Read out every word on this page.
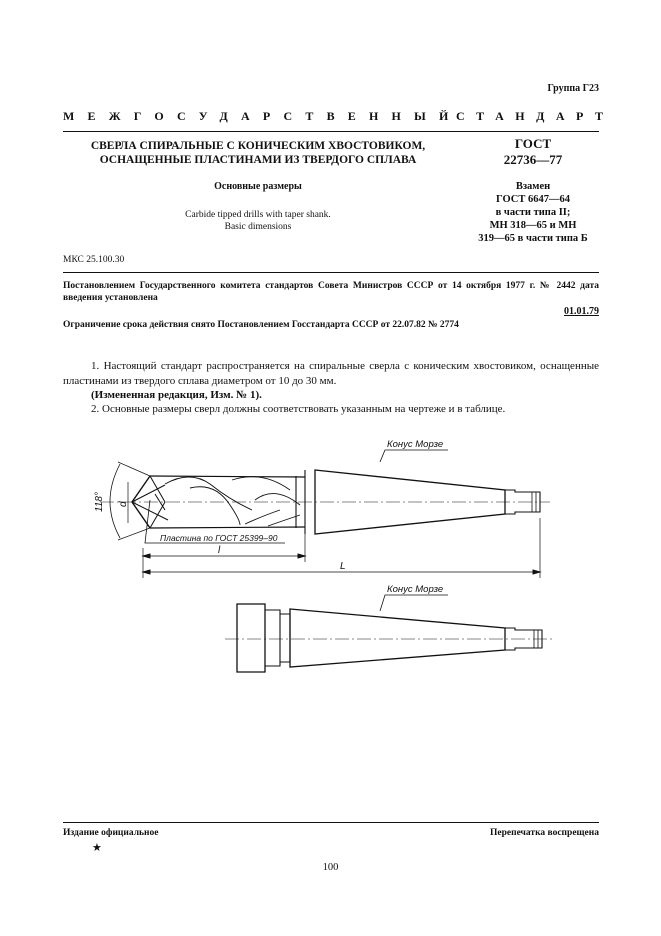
Группа Г23
МЕЖГОСУДАРСТВЕННЫЙ
СТАНДАРТ
СВЕРЛА СПИРАЛЬНЫЕ С КОНИЧЕСКИМ ХВОСТОВИКОМ,
ОСНАЩЕННЫЕ ПЛАСТИНАМИ ИЗ ТВЕРДОГО СПЛАВА
ГОСТ
22736—77
Основные размеры
Carbide tipped drills with taper shank.
Basic dimensions
Взамен
ГОСТ 6647—64
в части типа II;
МН 318—65 и МН
319—65 в части типа Б
МКС 25.100.30
Постановлением Государственного комитета стандартов Совета Министров СССР от 14 октября 1977 г. № 2442 дата введения установлена
01.01.79
Ограничение срока действия снято Постановлением Госстандарта СССР от 22.07.82 № 2774
1. Настоящий стандарт распространяется на спиральные сверла с коническим хвостовиком, оснащенные пластинами из твердого сплава диаметром от 10 до 30 мм.
(Измененная редакция, Изм. № 1).
2. Основные размеры сверл должны соответствовать указанным на чертеже и в таблице.
118° d
Пластина по ГОСТ 25399–90
l
L
Конус Морзе
Конус Морзе
Издание официальное	Перепечатка воспрещена
★
100
